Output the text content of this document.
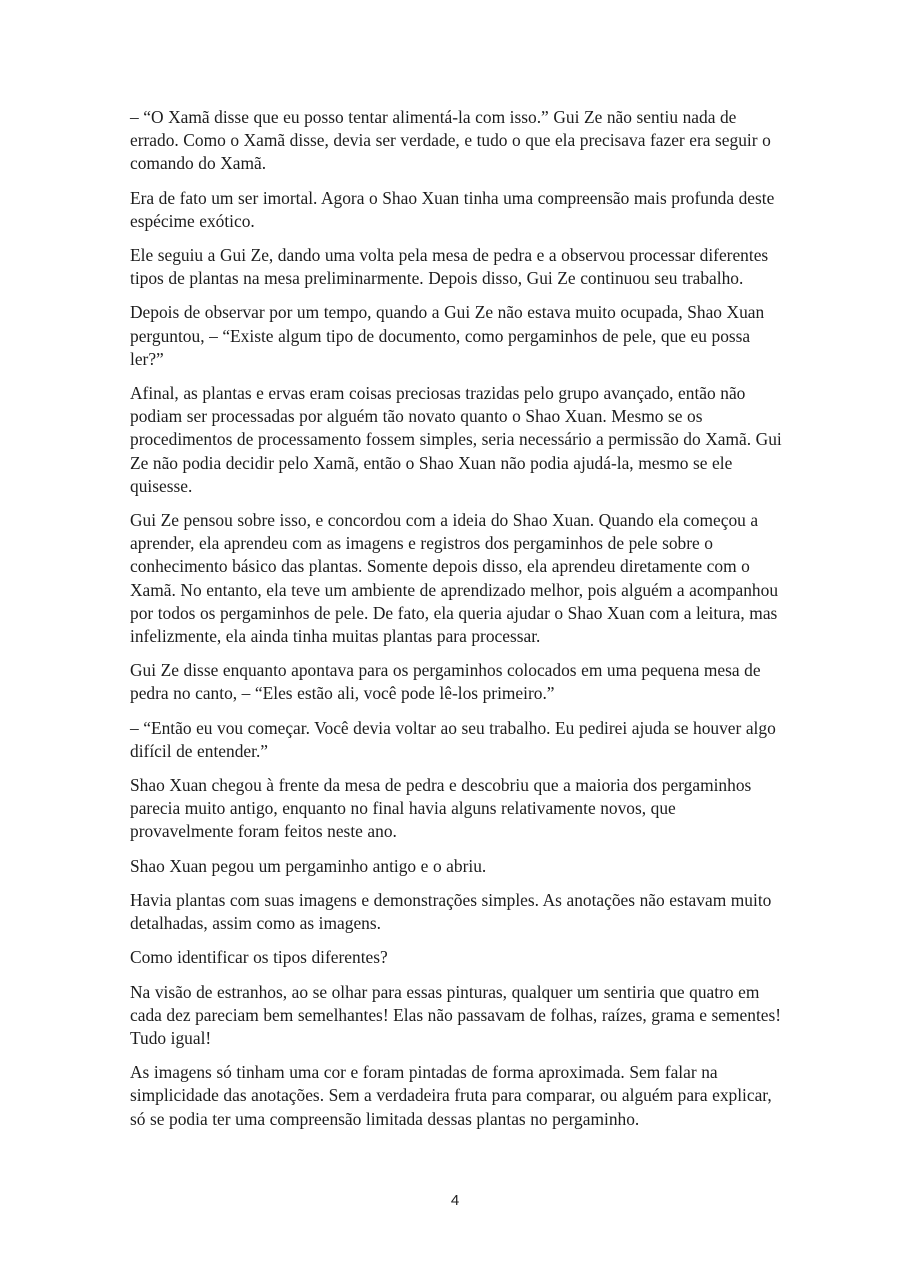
– “O Xamã disse que eu posso tentar alimentá-la com isso.” Gui Ze não sentiu nada de errado. Como o Xamã disse, devia ser verdade, e tudo o que ela precisava fazer era seguir o comando do Xamã.

Era de fato um ser imortal. Agora o Shao Xuan tinha uma compreensão mais profunda deste espécime exótico.

Ele seguiu a Gui Ze, dando uma volta pela mesa de pedra e a observou processar diferentes tipos de plantas na mesa preliminarmente. Depois disso, Gui Ze continuou seu trabalho.

Depois de observar por um tempo, quando a Gui Ze não estava muito ocupada, Shao Xuan perguntou, – “Existe algum tipo de documento, como pergaminhos de pele, que eu possa ler?”

Afinal, as plantas e ervas eram coisas preciosas trazidas pelo grupo avançado, então não podiam ser processadas por alguém tão novato quanto o Shao Xuan. Mesmo se os procedimentos de processamento fossem simples, seria necessário a permissão do Xamã. Gui Ze não podia decidir pelo Xamã, então o Shao Xuan não podia ajudá-la, mesmo se ele quisesse.

Gui Ze pensou sobre isso, e concordou com a ideia do Shao Xuan. Quando ela começou a aprender, ela aprendeu com as imagens e registros dos pergaminhos de pele sobre o conhecimento básico das plantas. Somente depois disso, ela aprendeu diretamente com o Xamã. No entanto, ela teve um ambiente de aprendizado melhor, pois alguém a acompanhou por todos os pergaminhos de pele. De fato, ela queria ajudar o Shao Xuan com a leitura, mas infelizmente, ela ainda tinha muitas plantas para processar.

Gui Ze disse enquanto apontava para os pergaminhos colocados em uma pequena mesa de pedra no canto, – “Eles estão ali, você pode lê-los primeiro.”

– “Então eu vou começar. Você devia voltar ao seu trabalho. Eu pedirei ajuda se houver algo difícil de entender.”

Shao Xuan chegou à frente da mesa de pedra e descobriu que a maioria dos pergaminhos parecia muito antigo, enquanto no final havia alguns relativamente novos, que provavelmente foram feitos neste ano.

Shao Xuan pegou um pergaminho antigo e o abriu.

Havia plantas com suas imagens e demonstrações simples. As anotações não estavam muito detalhadas, assim como as imagens.

Como identificar os tipos diferentes?

Na visão de estranhos, ao se olhar para essas pinturas, qualquer um sentiria que quatro em cada dez pareciam bem semelhantes! Elas não passavam de folhas, raízes, grama e sementes! Tudo igual!

As imagens só tinham uma cor e foram pintadas de forma aproximada. Sem falar na simplicidade das anotações. Sem a verdadeira fruta para comparar, ou alguém para explicar, só se podia ter uma compreensão limitada dessas plantas no pergaminho.

4
